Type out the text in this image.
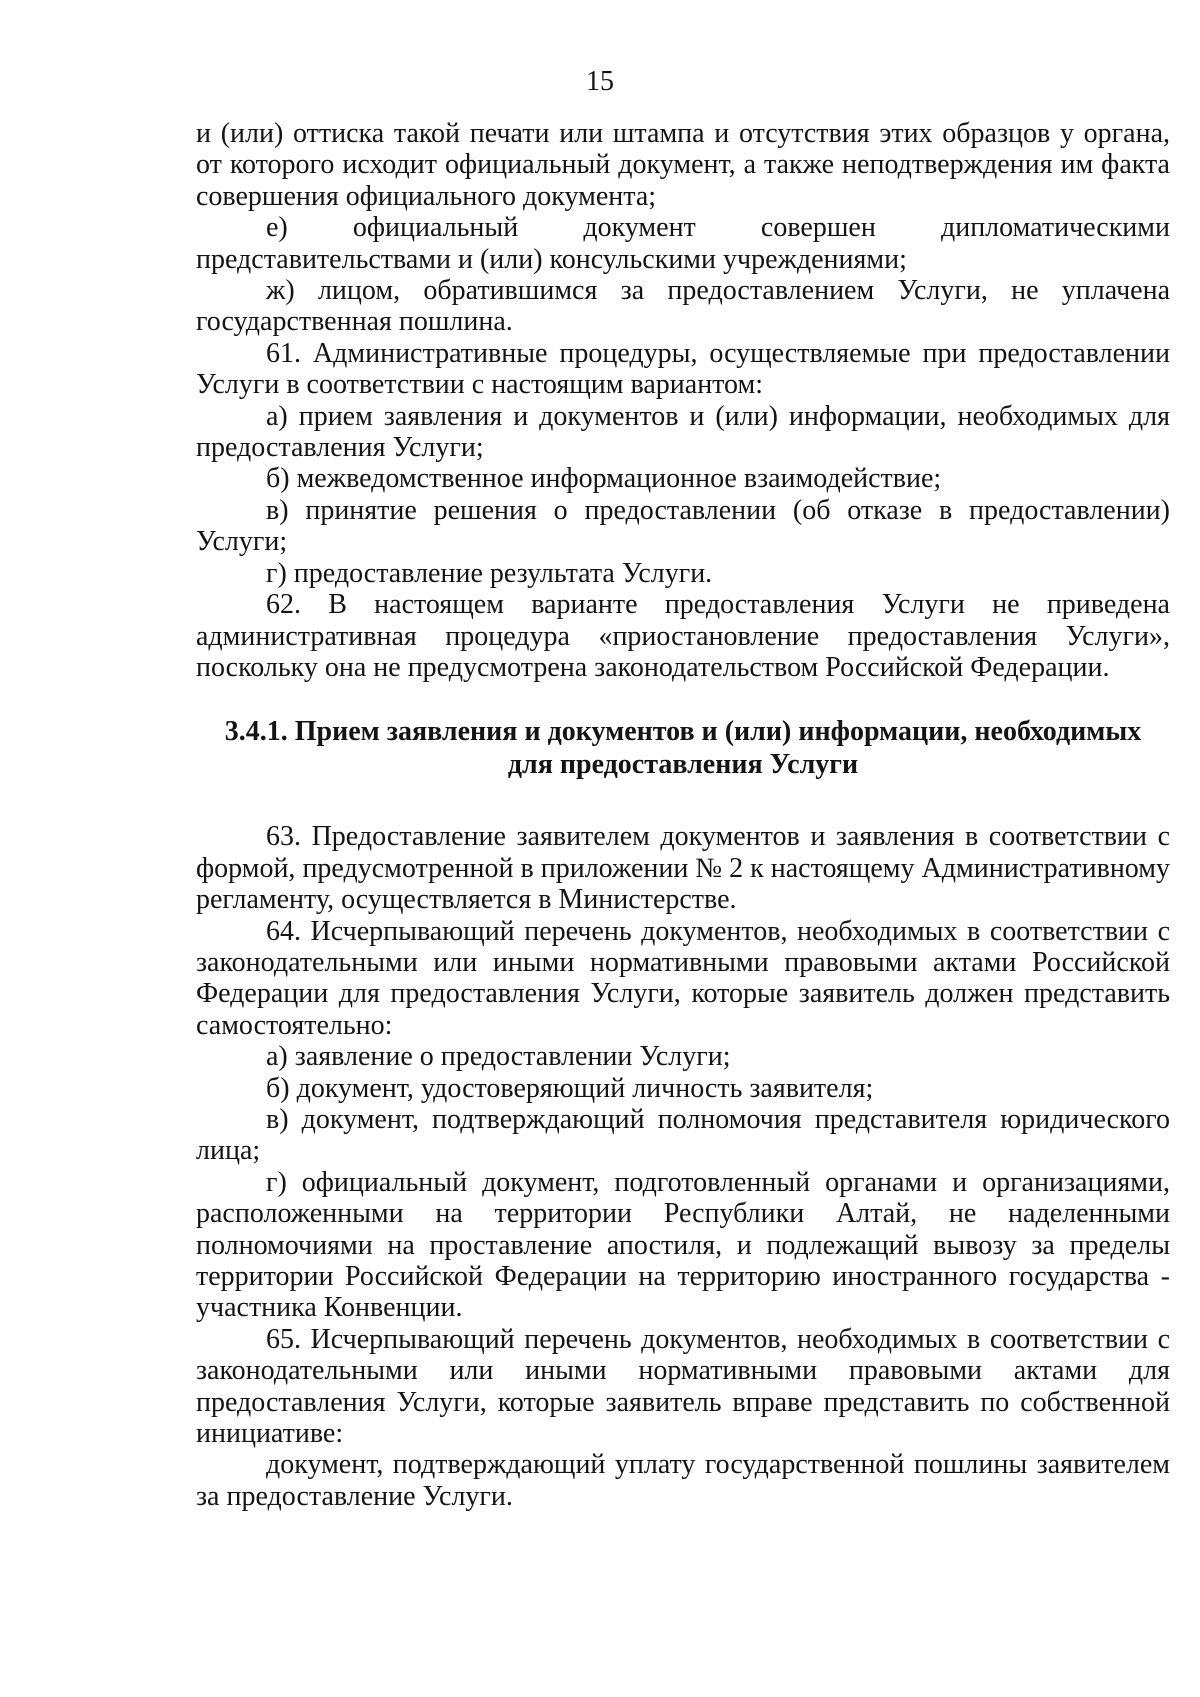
15

и (или) оттиска такой печати или штампа и отсутствия этих образцов у органа, от которого исходит официальный документ, а также неподтверждения им факта совершения официального документа;

е) официальный документ совершен дипломатическими представительствами и (или) консульскими учреждениями;

ж) лицом, обратившимся за предоставлением Услуги, не уплачена государственная пошлина.

61. Административные процедуры, осуществляемые при предоставлении Услуги в соответствии с настоящим вариантом:

а) прием заявления и документов и (или) информации, необходимых для предоставления Услуги;

б) межведомственное информационное взаимодействие;

в) принятие решения о предоставлении (об отказе в предоставлении) Услуги;

г) предоставление результата Услуги.

62. В настоящем варианте предоставления Услуги не приведена административная процедура «приостановление предоставления Услуги», поскольку она не предусмотрена законодательством Российской Федерации.

3.4.1. Прием заявления и документов и (или) информации, необходимых
для предоставления Услуги

63. Предоставление заявителем документов и заявления в соответствии с формой, предусмотренной в приложении № 2 к настоящему Административному регламенту, осуществляется в Министерстве.

64. Исчерпывающий перечень документов, необходимых в соответствии с законодательными или иными нормативными правовыми актами Российской Федерации для предоставления Услуги, которые заявитель должен представить самостоятельно:

а) заявление о предоставлении Услуги;

б) документ, удостоверяющий личность заявителя;

в) документ, подтверждающий полномочия представителя юридического лица;

г) официальный документ, подготовленный органами и организациями, расположенными на территории Республики Алтай, не наделенными полномочиями на проставление апостиля, и подлежащий вывозу за пределы территории Российской Федерации на территорию иностранного государства - участника Конвенции.

65. Исчерпывающий перечень документов, необходимых в соответствии с законодательными или иными нормативными правовыми актами для предоставления Услуги, которые заявитель вправе представить по собственной инициативе:

документ, подтверждающий уплату государственной пошлины заявителем за предоставление Услуги.
